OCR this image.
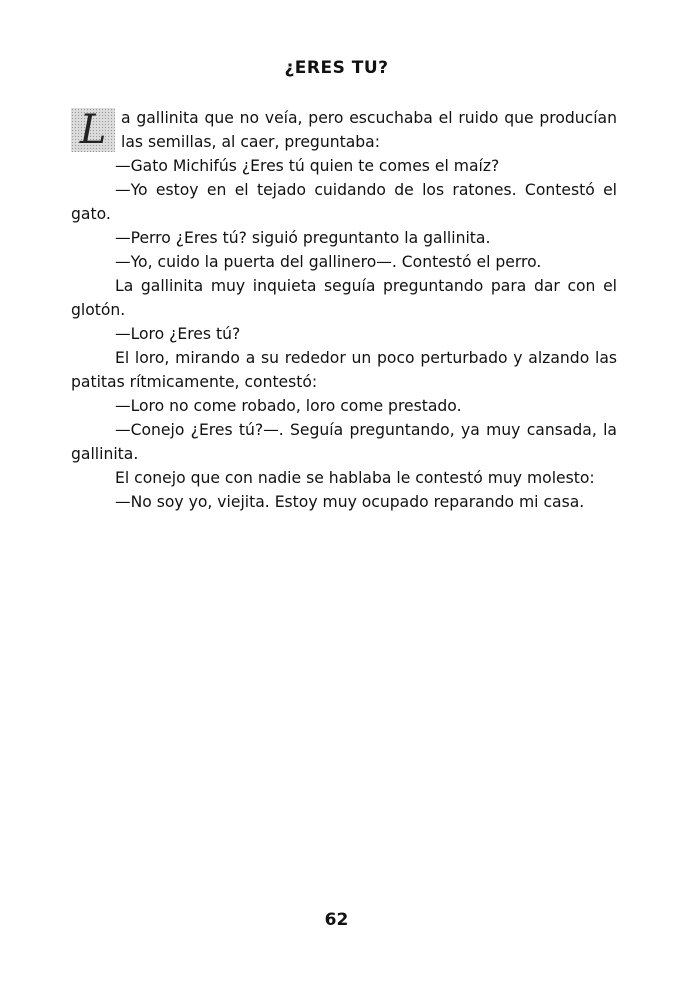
¿ERES TU?

L a gallinita que no veía, pero escuchaba el ruido que producían las semillas, al caer, preguntaba:

—Gato Michifús ¿Eres tú quien te comes el maíz?

—Yo estoy en el tejado cuidando de los ratones. Contestó el gato.

—Perro ¿Eres tú? siguió preguntanto la gallinita.

—Yo, cuido la puerta del gallinero—. Contestó el perro.

La gallinita muy inquieta seguía preguntando para dar con el glotón.

—Loro ¿Eres tú?

El loro, mirando a su rededor un poco perturbado y alzando las patitas rítmicamente, contestó:

—Loro no come robado, loro come prestado.

—Conejo ¿Eres tú?—. Seguía preguntando, ya muy cansada, la gallinita.

El conejo que con nadie se hablaba le contestó muy molesto:

—No soy yo, viejita. Estoy muy ocupado reparando mi casa.

62
